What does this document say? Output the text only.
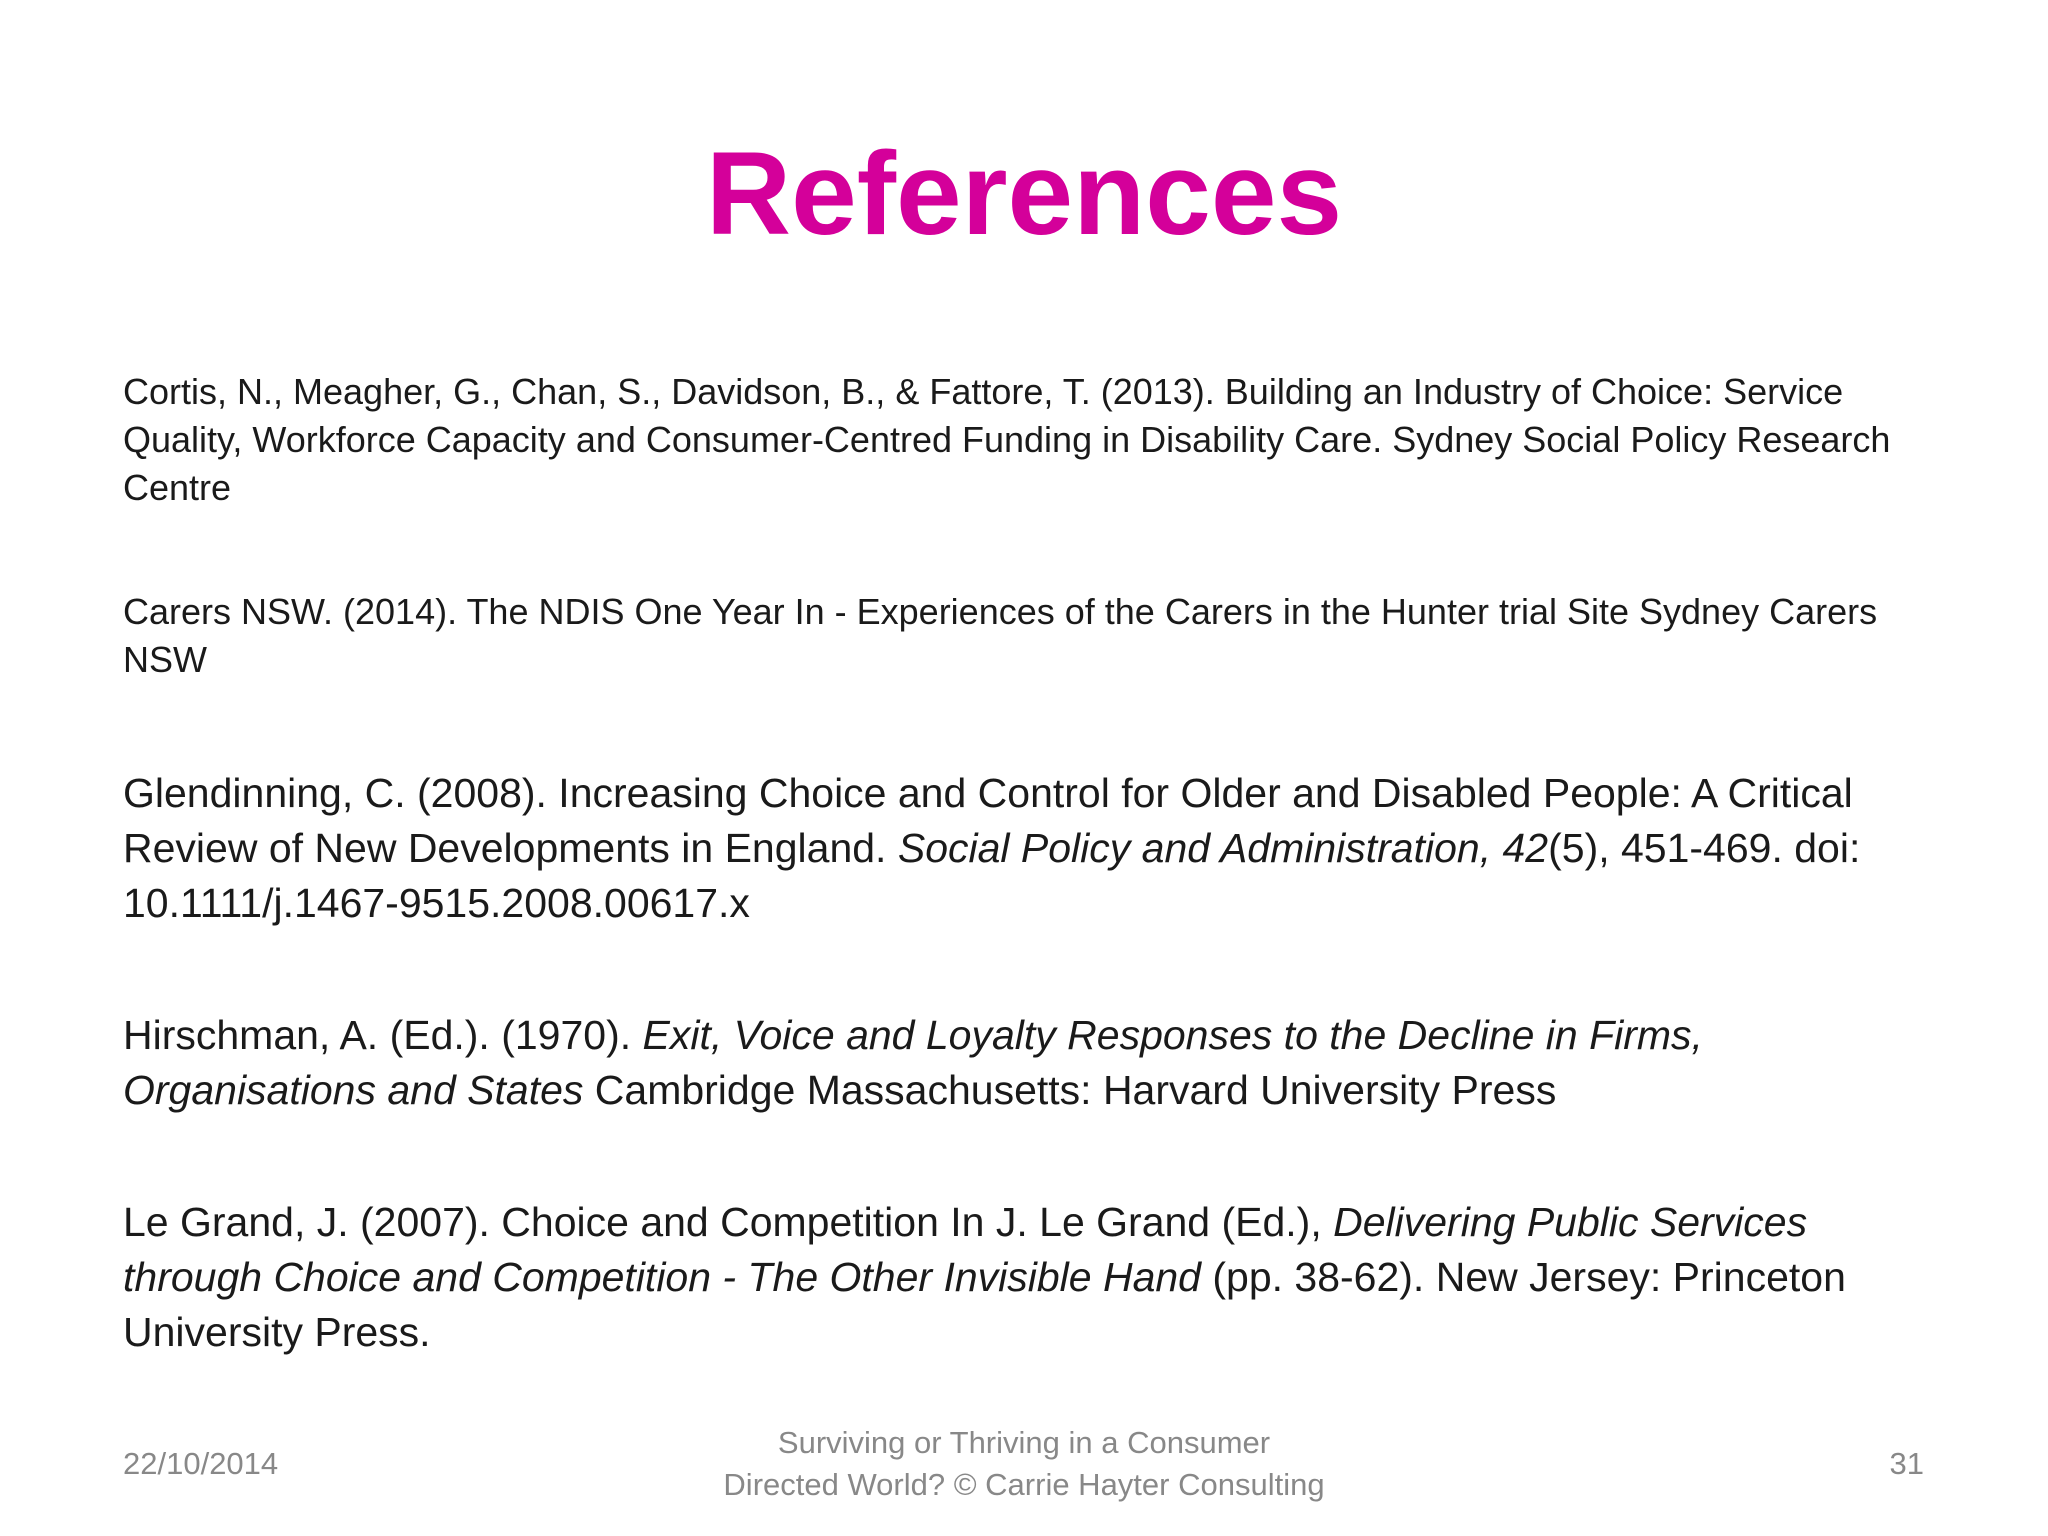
References

Cortis, N., Meagher, G., Chan, S., Davidson, B., & Fattore, T. (2013). Building an Industry of Choice: Service Quality, Workforce Capacity and Consumer-Centred Funding in Disability Care. Sydney Social Policy Research Centre

Carers NSW. (2014). The NDIS One Year In - Experiences of the Carers in the Hunter trial Site Sydney Carers NSW

Glendinning, C. (2008). Increasing Choice and Control for Older and Disabled People: A Critical Review of New Developments in England. Social Policy and Administration, 42(5), 451-469. doi: 10.1111/j.1467-9515.2008.00617.x

Hirschman, A. (Ed.). (1970). Exit, Voice and Loyalty Responses to the Decline in Firms, Organisations and States Cambridge Massachusetts: Harvard University Press

Le Grand, J. (2007). Choice and Competition In J. Le Grand (Ed.), Delivering Public Services through Choice and Competition - The Other Invisible Hand (pp. 38-62). New Jersey: Princeton University Press.

22/10/2014
Surviving or Thriving in a Consumer
Directed World? © Carrie Hayter Consulting
31
